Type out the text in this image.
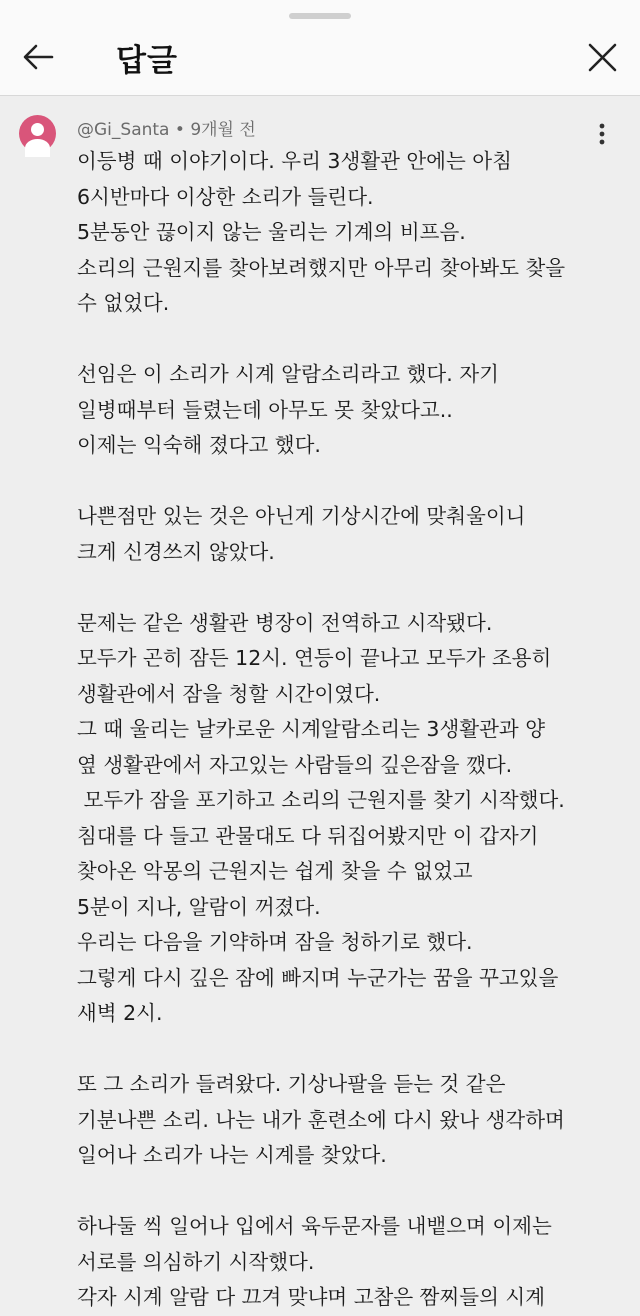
답글
@Gi_Santa • 9개월 전
이등병 때 이야기이다. 우리 3생활관 안에는 아침
6시반마다 이상한 소리가 들린다.
5분동안 끊이지 않는 울리는 기계의 비프음.
소리의 근원지를 찾아보려했지만 아무리 찾아봐도 찾을
수 없었다.

선임은 이 소리가 시계 알람소리라고 했다. 자기
일병때부터 들렸는데 아무도 못 찾았다고..
이제는 익숙해 졌다고 했다.

나쁜점만 있는 것은 아닌게 기상시간에 맞춰울이니
크게 신경쓰지 않았다.

문제는 같은 생활관 병장이 전역하고 시작됐다.
모두가 곤히 잠든 12시. 연등이 끝나고 모두가 조용히
생활관에서 잠을 청할 시간이였다.
그 때 울리는 날카로운 시계알람소리는 3생활관과 양
옆 생활관에서 자고있는 사람들의 깊은잠을 깼다.
모두가 잠을 포기하고 소리의 근원지를 찾기 시작했다.
침대를 다 들고 관물대도 다 뒤집어봤지만 이 갑자기
찾아온 악몽의 근원지는 쉽게 찾을 수 없었고
5분이 지나, 알람이 꺼졌다.
우리는 다음을 기약하며 잠을 청하기로 했다.
그렇게 다시 깊은 잠에 빠지며 누군가는 꿈을 꾸고있을
새벽 2시.

또 그 소리가 들려왔다. 기상나팔을 듣는 것 같은
기분나쁜 소리. 나는 내가 훈련소에 다시 왔나 생각하며
일어나 소리가 나는 시계를 찾았다.

하나둘 씩 일어나 입에서 육두문자를 내뱉으며 이제는
서로를 의심하기 시작했다.
각자 시계 알람 다 끄겨 맞냐며 고참은 짬찌들의 시계
